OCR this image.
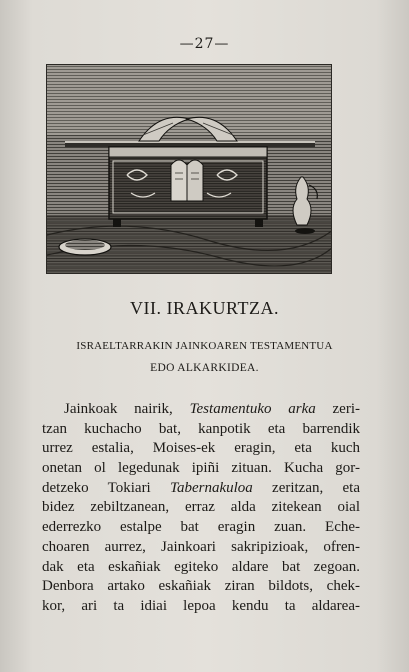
—27—
VII. IRAKURTZA.
ISRAELTARRAKIN JAINKOAREN TESTAMENTUA
EDO ALKARKIDEA.
Jainkoak nairik, Testamentuko arka zeri-
tzan kuchacho bat, kanpotik eta barrendik
urrez estalia, Moises-ek eragin, eta kuch
onetan ol legedunak ipiñi zituan. Kucha gor-
detzeko Tokiari Tabernakuloa zeritzan, eta
bidez zebiltzanean, erraz alda zitekean oial
ederrezko estalpe bat eragin zuan. Eche-
choaren aurrez, Jainkoari sakripizioak, ofren-
dak eta eskañiak egiteko aldare bat zegoan.
Denbora artako eskañiak ziran bildots, chek-
kor, ari ta idiai lepoa kendu ta aldarea-
